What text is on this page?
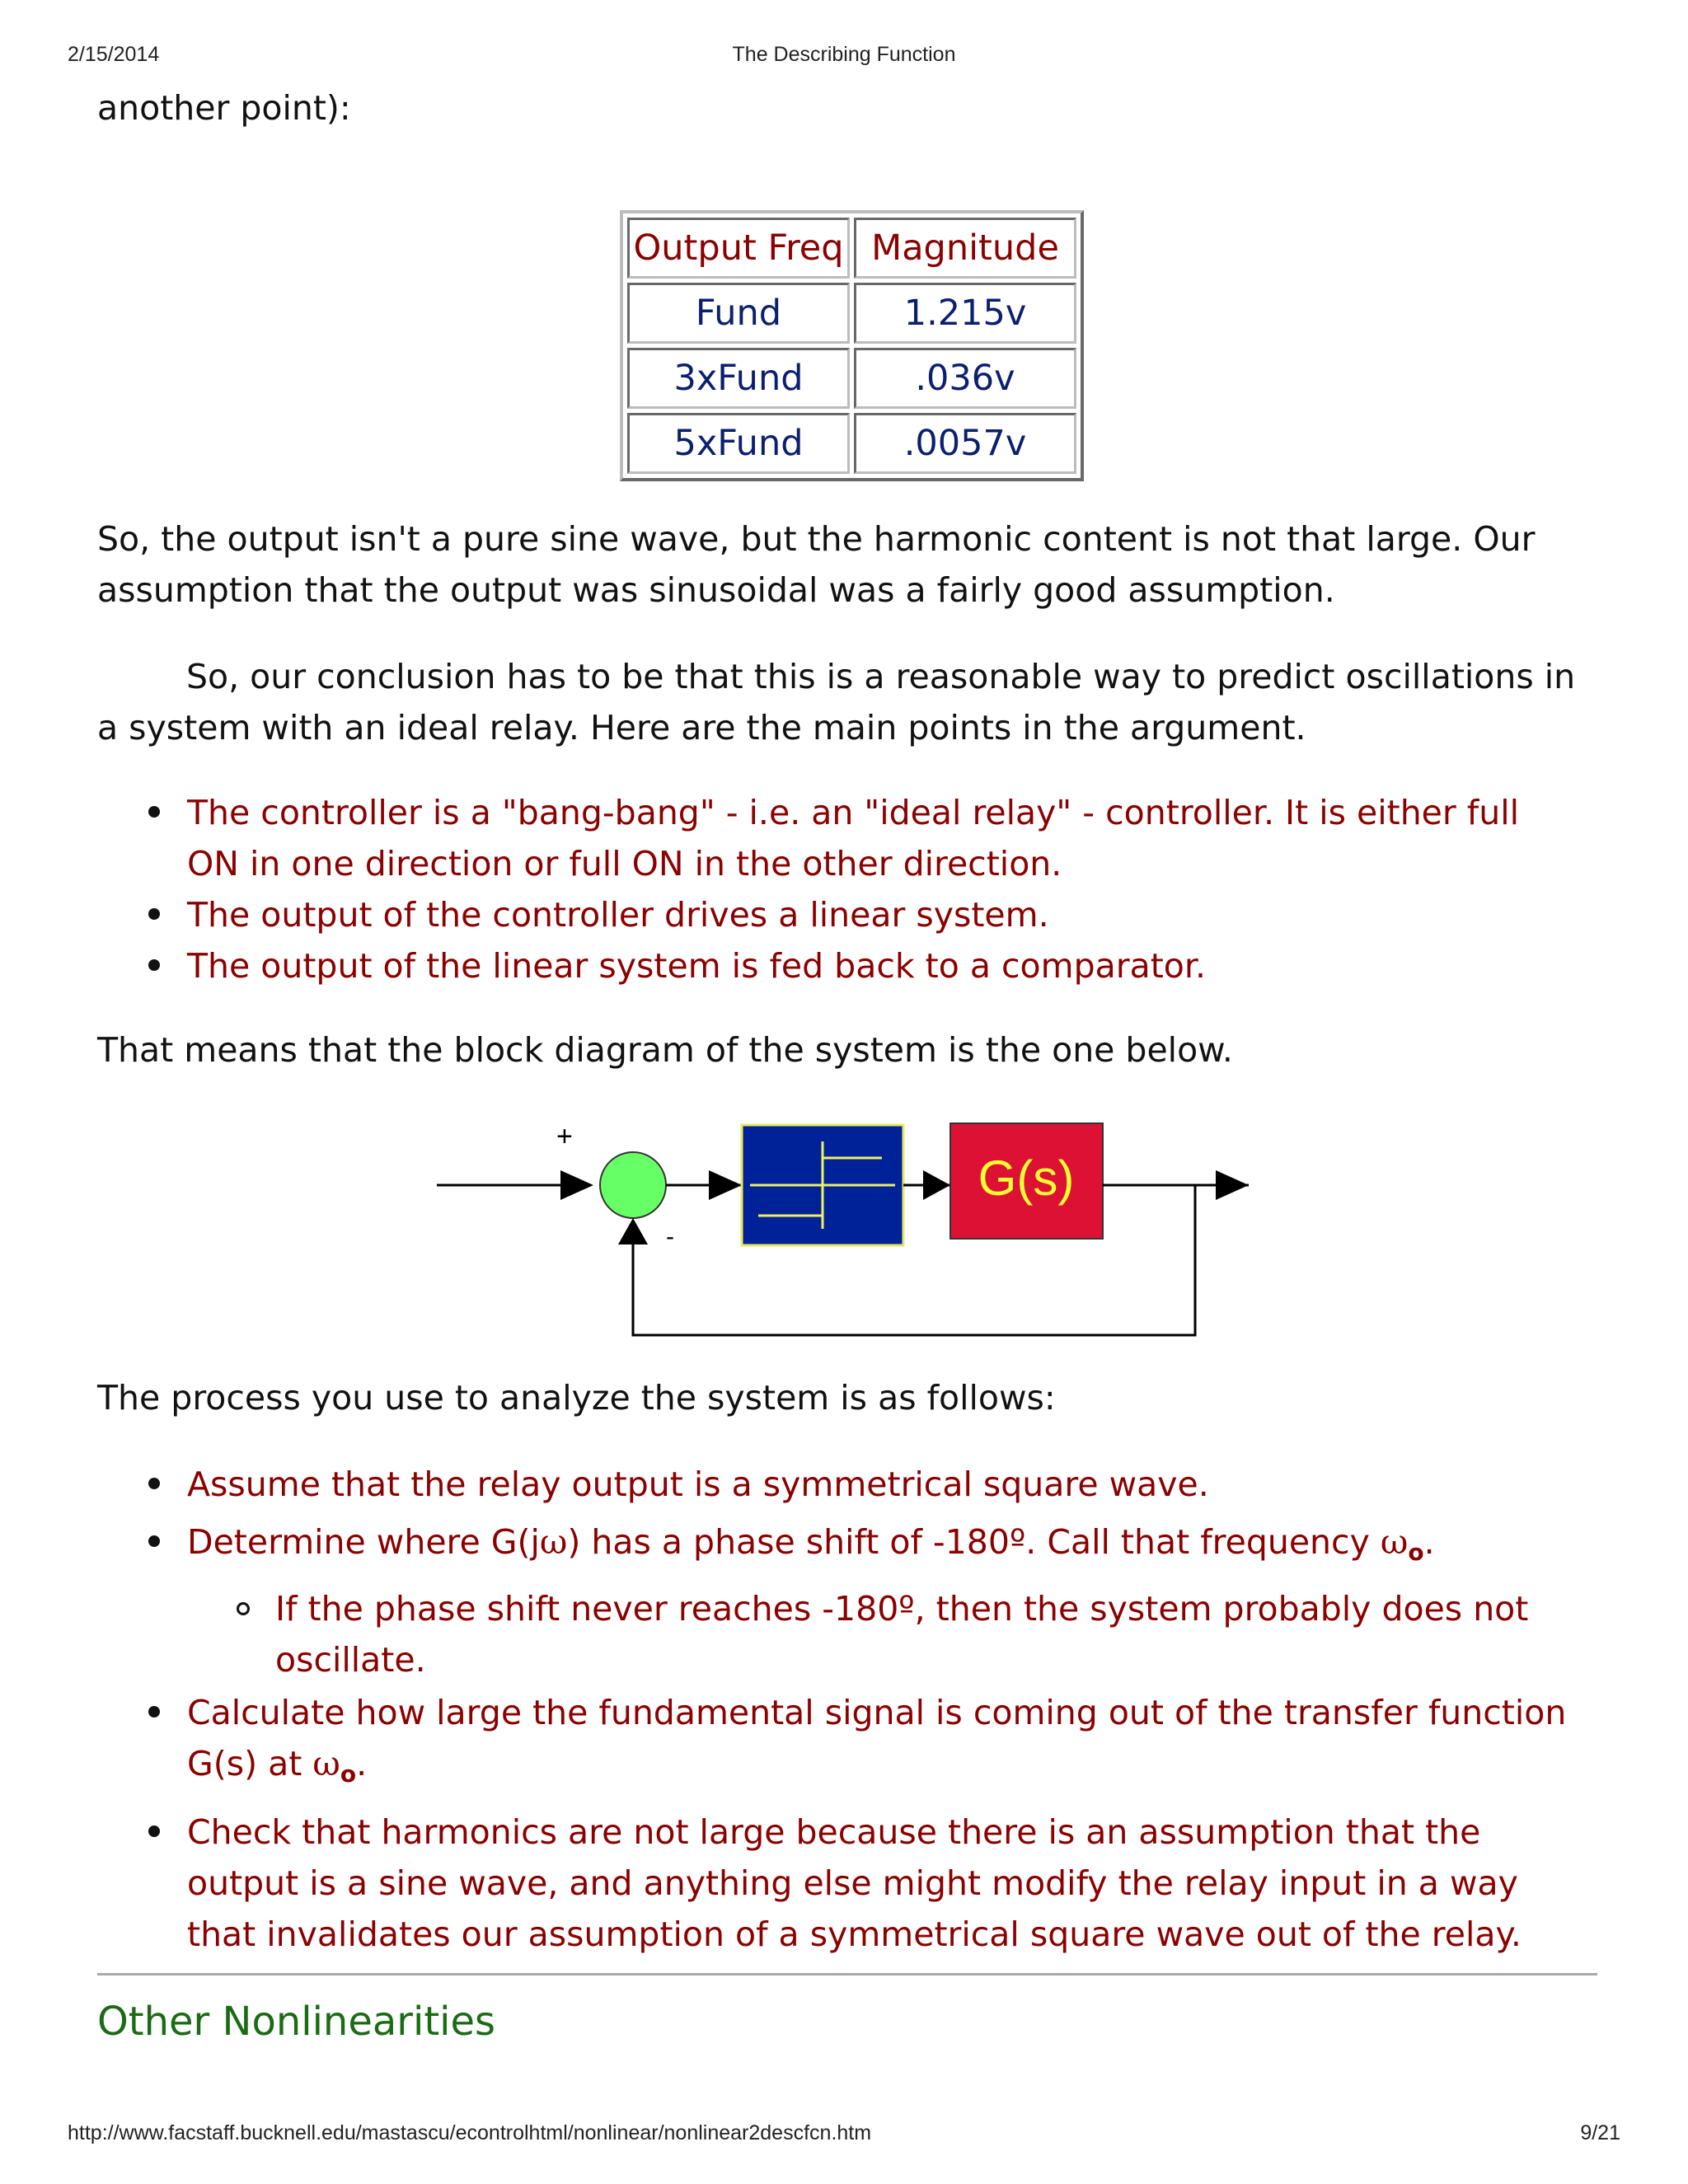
2/15/2014	The Describing Function

another point):

Output Freq	Magnitude
Fund	1.215v
3xFund	.036v
5xFund	.0057v

So, the output isn't a pure sine wave, but the harmonic content is not that large. Our assumption that the output was sinusoidal was a fairly good assumption.

So, our conclusion has to be that this is a reasonable way to predict oscillations in a system with an ideal relay. Here are the main points in the argument.

The controller is a "bang-bang" - i.e. an "ideal relay" - controller. It is either full ON in one direction or full ON in the other direction.
The output of the controller drives a linear system.
The output of the linear system is fed back to a comparator.

That means that the block diagram of the system is the one below.

+
G(s)
-

The process you use to analyze the system is as follows:

Assume that the relay output is a symmetrical square wave.
Determine where G(jω) has a phase shift of -180º. Call that frequency $\omega_o$.
If the phase shift never reaches -180º, then the system probably does not oscillate.
Calculate how large the fundamental signal is coming out of the transfer function G(s) at $\omega_o$.
Check that harmonics are not large because there is an assumption that the output is a sine wave, and anything else might modify the relay input in a way that invalidates our assumption of a symmetrical square wave out of the relay.
Other Nonlinearities
http://www.facstaff.bucknell.edu/mastascu/econtrolhtml/nonlinear/nonlinear2descfcn.htm	9/21
